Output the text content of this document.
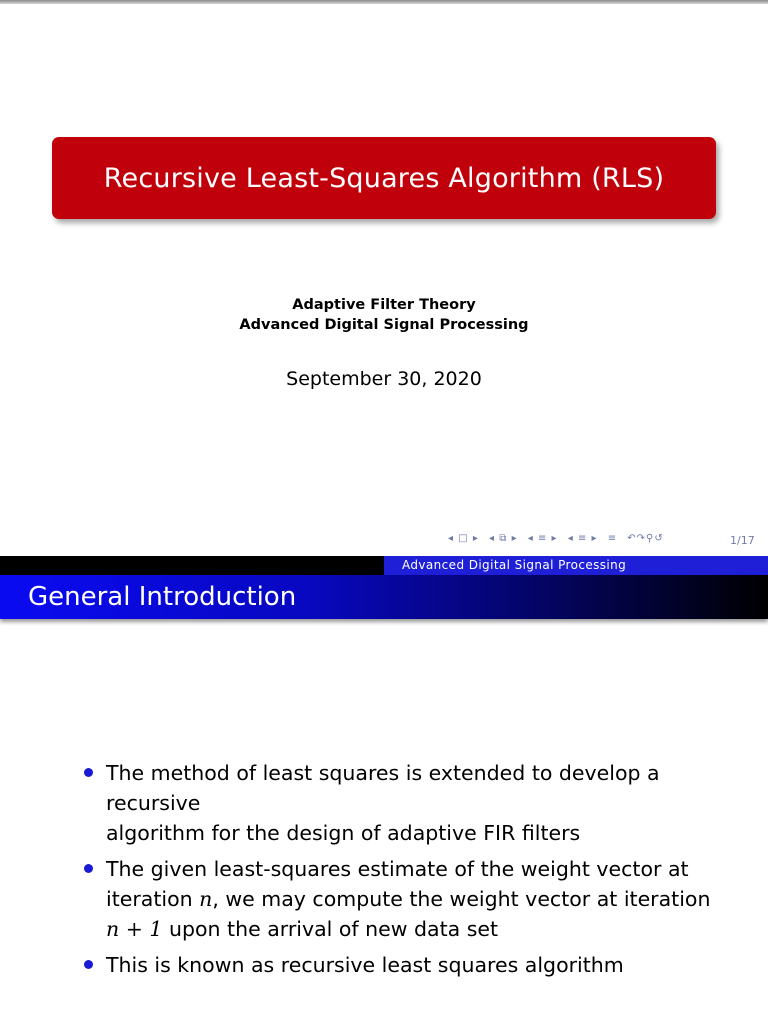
Recursive Least-Squares Algorithm (RLS)
Adaptive Filter Theory
Advanced Digital Signal Processing
September 30, 2020
◂ □ ▸ ◂ ⧉ ▸ ◂ ≡ ▸ ◂ ≡ ▸ ≡ ↶↷⚲↺	1/17
Advanced Digital Signal Processing
General Introduction
The method of least squares is extended to develop a recursive
algorithm for the design of adaptive FIR filters
The given least-squares estimate of the weight vector at
iteration n, we may compute the weight vector at iteration
n + 1 upon the arrival of new data set
This is known as recursive least squares algorithm
